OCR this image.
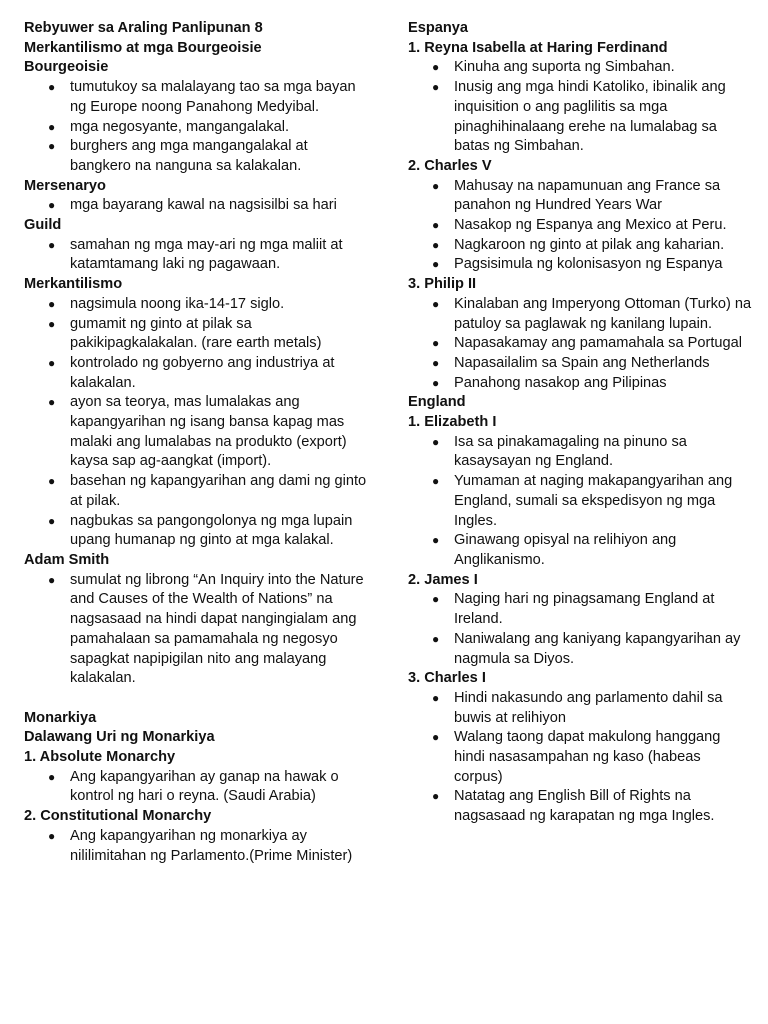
Rebyuwer sa Araling Panlipunan 8

Merkantilismo at mga Bourgeoisie

Bourgeoisie

● tumutukoy sa malalayang tao sa mga bayan ng Europe noong Panahong Medyibal.
● mga negosyante, mangangalakal.
● burghers ang mga mangangalakal at bangkero na nanguna sa kalakalan.

Mersenaryo

● mga bayarang kawal na nagsisilbi sa hari

Guild

● samahan ng mga may-ari ng mga maliit at katamtamang laki ng pagawaan.

Merkantilismo

● nagsimula noong ika-14-17 siglo.
● gumamit ng ginto at pilak sa pakikipagkalakalan. (rare earth metals)
● kontrolado ng gobyerno ang industriya at kalakalan.
● ayon sa teorya, mas lumalakas ang kapangyarihan ng isang bansa kapag mas malaki ang lumalabas na produkto (export) kaysa sap ag-aangkat (import).
● basehan ng kapangyarihan ang dami ng ginto at pilak.
● nagbukas sa pangongolonya ng mga lupain upang humanap ng ginto at mga kalakal.

Adam Smith

● sumulat ng librong “An Inquiry into the Nature and Causes of the Wealth of Nations” na nagsasaad na hindi dapat nangingialam ang pamahalaan sa pamamahala ng negosyo sapagkat napipigilan nito ang malayang kalakalan.

Monarkiya

Dalawang Uri ng Monarkiya

1. Absolute Monarchy

● Ang kapangyarihan ay ganap na hawak o kontrol ng hari o reyna. (Saudi Arabia)

2. Constitutional Monarchy

● Ang kapangyarihan ng monarkiya ay nililimitahan ng Parlamento.(Prime Minister)

Espanya

1. Reyna Isabella at Haring Ferdinand

● Kinuha ang suporta ng Simbahan.
● Inusig ang mga hindi Katoliko, ibinalik ang inquisition o ang paglilitis sa mga pinaghihinalaang erehe na lumalabag sa batas ng Simbahan.

2. Charles V

● Mahusay na napamunuan ang France sa panahon ng Hundred Years War
● Nasakop ng Espanya ang Mexico at Peru.
● Nagkaroon ng ginto at pilak ang kaharian.
● Pagsisimula ng kolonisasyon ng Espanya

3. Philip II

● Kinalaban ang Imperyong Ottoman (Turko) na patuloy sa paglawak ng kanilang lupain.
● Napasakamay ang pamamahala sa Portugal
● Napasailalim sa Spain ang Netherlands
● Panahong nasakop ang Pilipinas

England

1. Elizabeth I

● Isa sa pinakamagaling na pinuno sa kasaysayan ng England.
● Yumaman at naging makapangyarihan ang England, sumali sa ekspedisyon ng mga Ingles.
● Ginawang opisyal na relihiyon ang Anglikanismo.

2. James I

● Naging hari ng pinagsamang England at Ireland.
● Naniwalang ang kaniyang kapangyarihan ay nagmula sa Diyos.

3. Charles I

● Hindi nakasundo ang parlamento dahil sa buwis at relihiyon
● Walang taong dapat makulong hanggang hindi nasasampahan ng kaso (habeas corpus)
● Natatag ang English Bill of Rights na nagsasaad ng karapatan ng mga Ingles.
